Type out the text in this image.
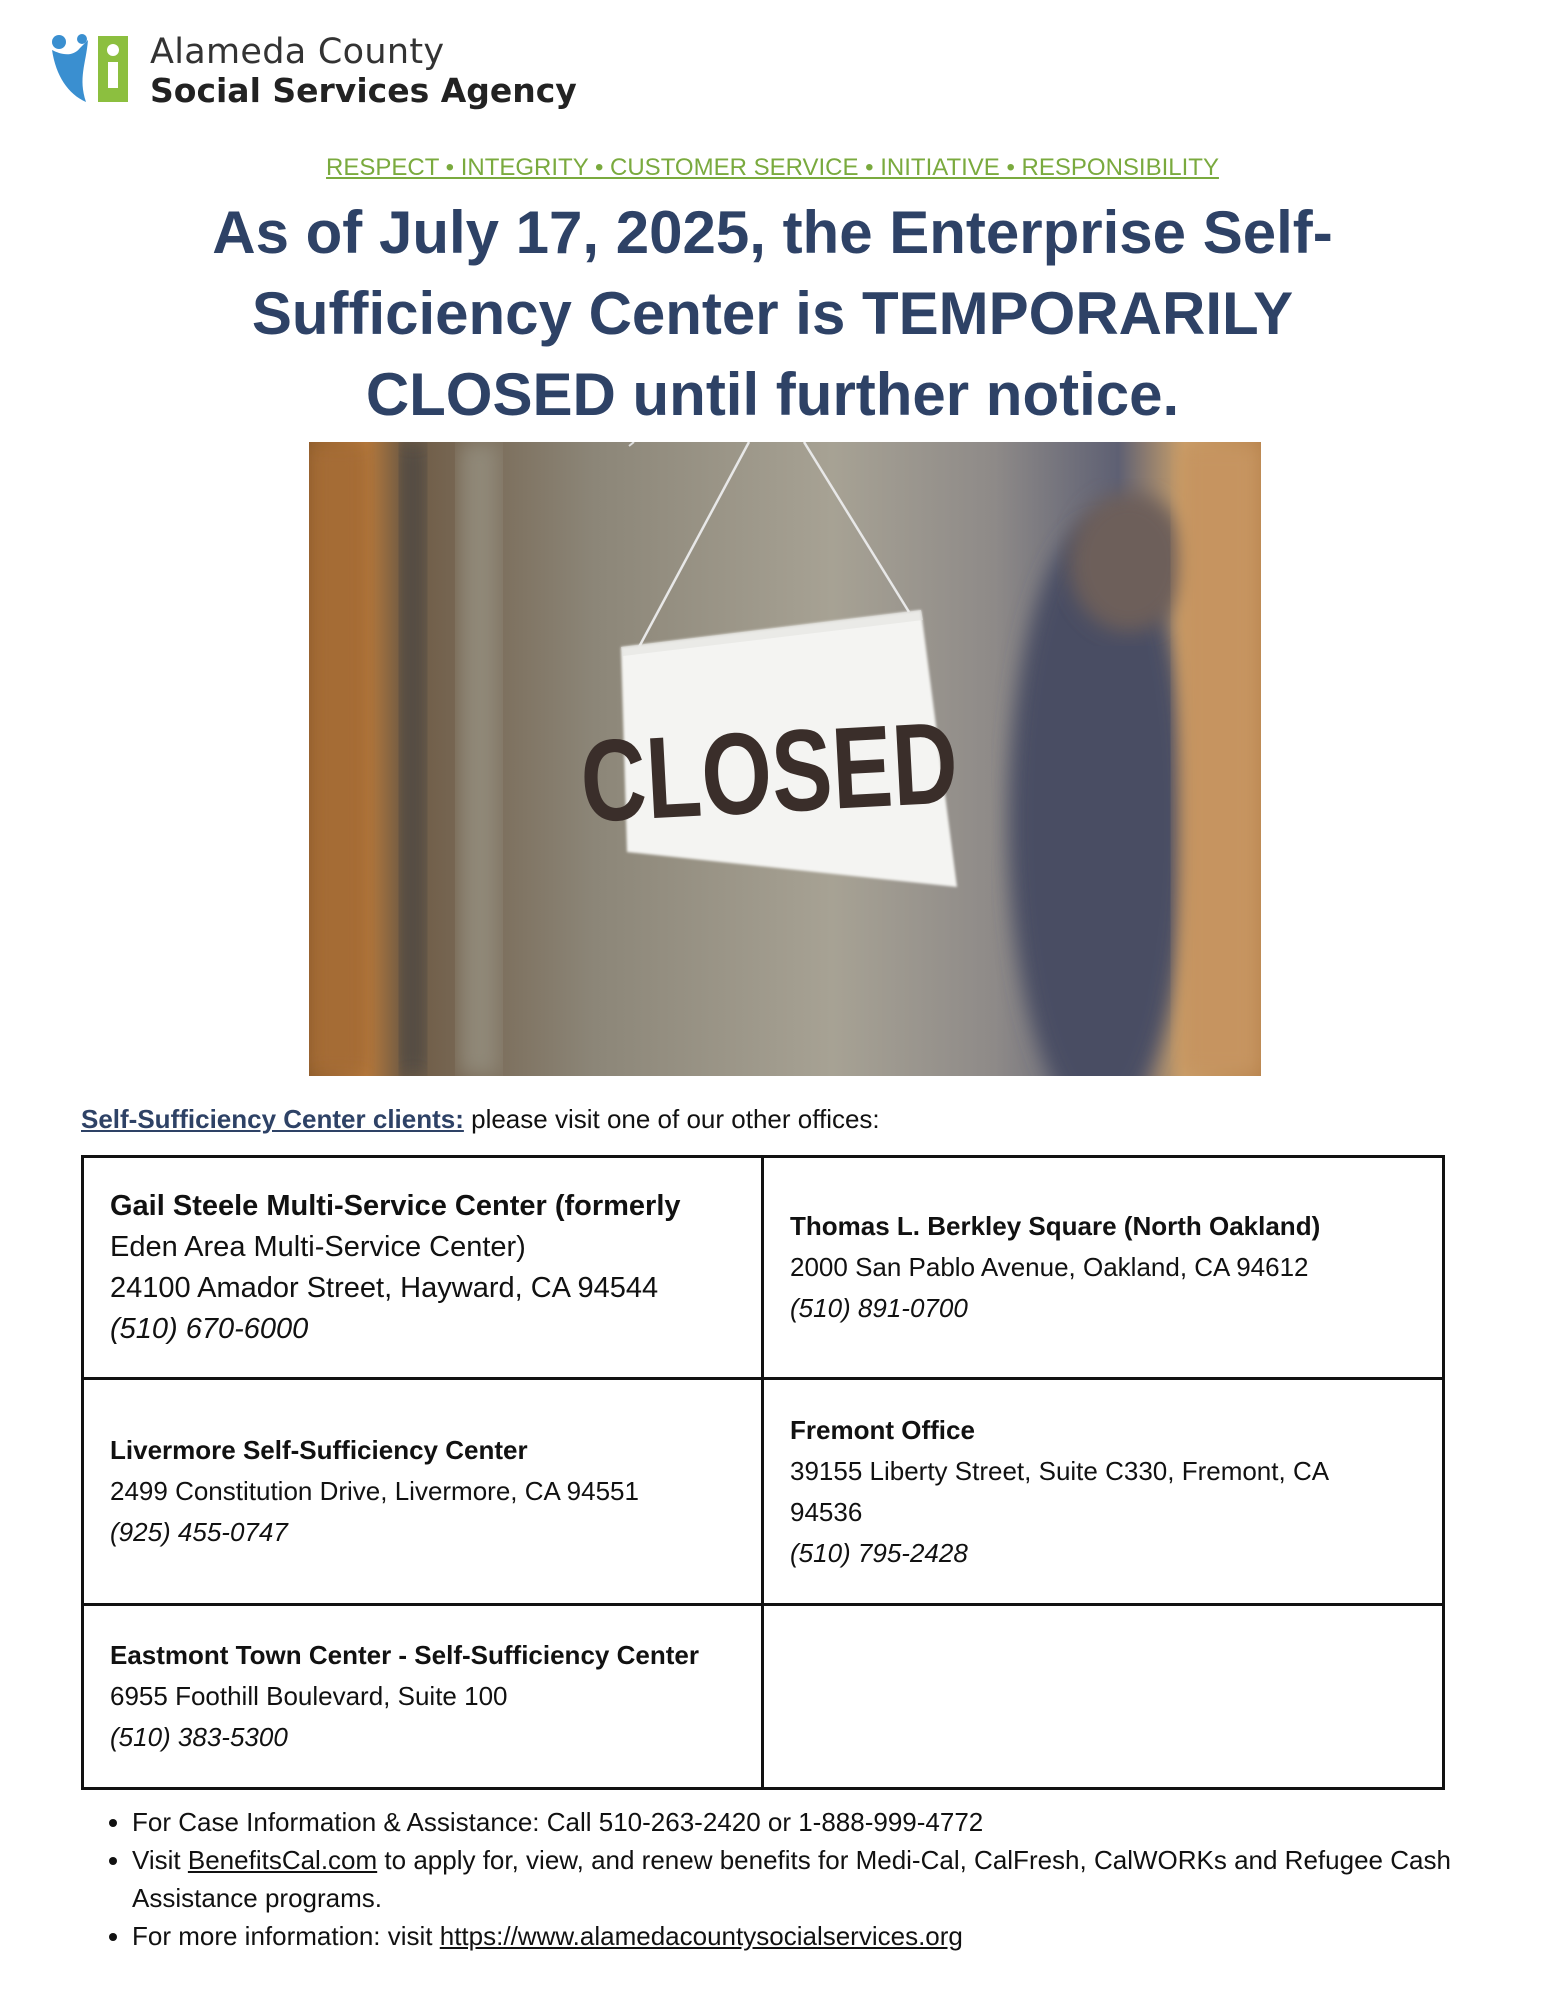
Alameda County
Social Services Agency
RESPECT • INTEGRITY • CUSTOMER SERVICE • INITIATIVE • RESPONSIBILITY
As of July 17, 2025, the Enterprise Self-Sufficiency Center is TEMPORARILY CLOSED until further notice.
CLOSED
Self-Sufficiency Center clients: please visit one of our other offices:
Gail Steele Multi-Service Center (formerly
Eden Area Multi-Service Center)
24100 Amador Street, Hayward, CA 94544
(510) 670-6000
Thomas L. Berkley Square (North Oakland)
2000 San Pablo Avenue, Oakland, CA 94612
(510) 891-0700
Livermore Self-Sufficiency Center
2499 Constitution Drive, Livermore, CA 94551
(925) 455-0747
Fremont Office
39155 Liberty Street, Suite C330, Fremont, CA 94536
(510) 795-2428
Eastmont Town Center - Self-Sufficiency Center
6955 Foothill Boulevard, Suite 100
(510) 383-5300
• For Case Information & Assistance: Call 510-263-2420 or 1-888-999-4772
• Visit BenefitsCal.com to apply for, view, and renew benefits for Medi-Cal, CalFresh, CalWORKs and Refugee Cash Assistance programs.
• For more information: visit https://www.alamedacountysocialservices.org
